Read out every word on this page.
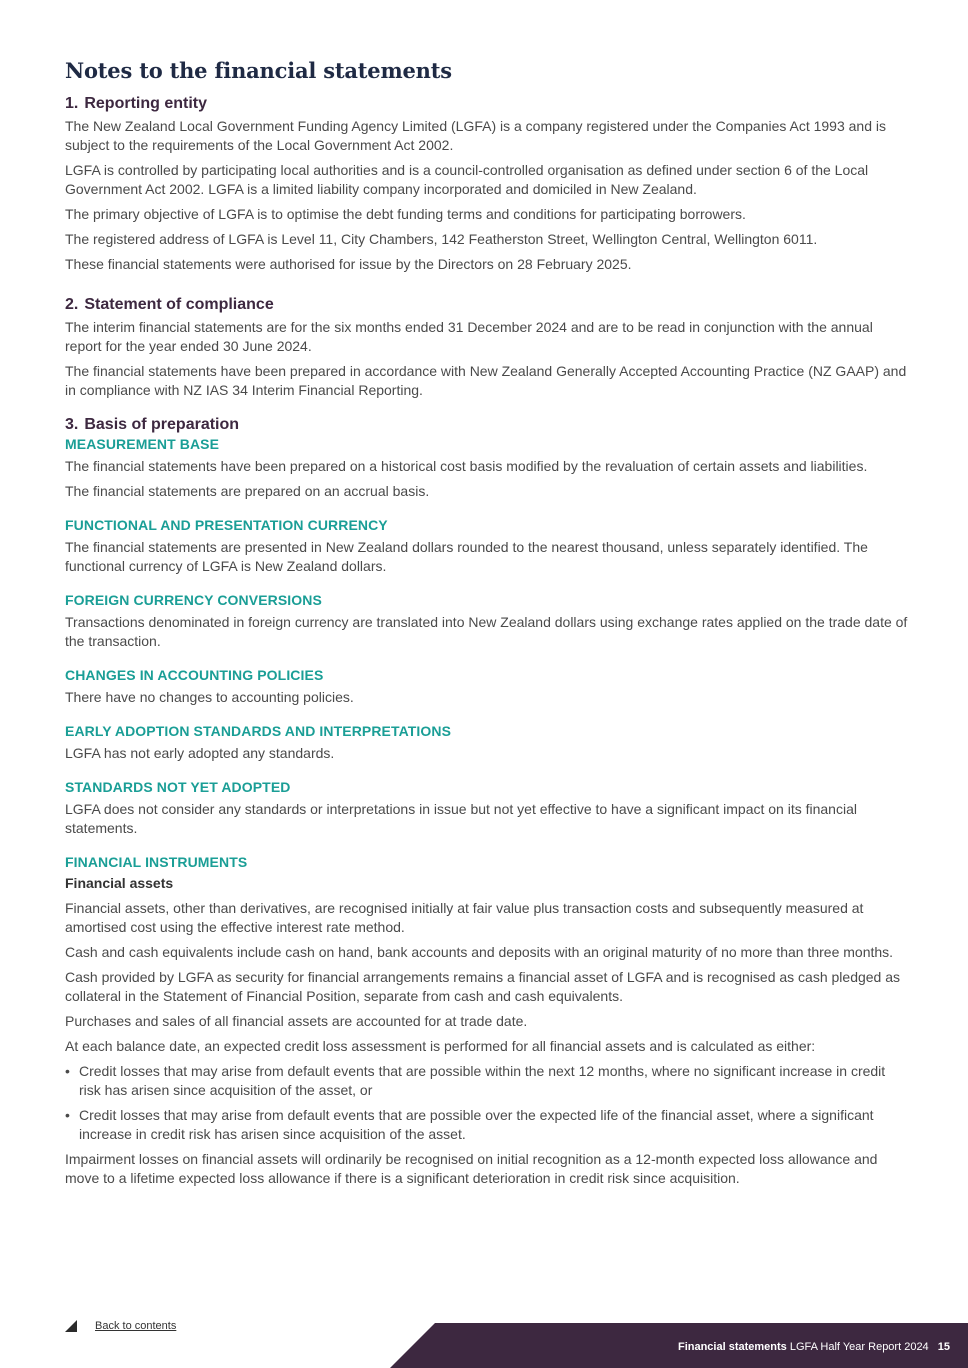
Notes to the financial statements
1. Reporting entity

The New Zealand Local Government Funding Agency Limited (LGFA) is a company registered under the Companies Act 1993 and is subject to the requirements of the Local Government Act 2002.

LGFA is controlled by participating local authorities and is a council-controlled organisation as defined under section 6 of the Local Government Act 2002. LGFA is a limited liability company incorporated and domiciled in New Zealand.

The primary objective of LGFA is to optimise the debt funding terms and conditions for participating borrowers.

The registered address of LGFA is Level 11, City Chambers, 142 Featherston Street, Wellington Central, Wellington 6011.

These financial statements were authorised for issue by the Directors on 28 February 2025.

2. Statement of compliance

The interim financial statements are for the six months ended 31 December 2024 and are to be read in conjunction with the annual report for the year ended 30 June 2024.

The financial statements have been prepared in accordance with New Zealand Generally Accepted Accounting Practice (NZ GAAP) and in compliance with NZ IAS 34 Interim Financial Reporting.

3. Basis of preparation
MEASUREMENT BASE

The financial statements have been prepared on a historical cost basis modified by the revaluation of certain assets and liabilities.

The financial statements are prepared on an accrual basis.

FUNCTIONAL AND PRESENTATION CURRENCY

The financial statements are presented in New Zealand dollars rounded to the nearest thousand, unless separately identified. The functional currency of LGFA is New Zealand dollars.

FOREIGN CURRENCY CONVERSIONS

Transactions denominated in foreign currency are translated into New Zealand dollars using exchange rates applied on the trade date of the transaction.

CHANGES IN ACCOUNTING POLICIES

There have no changes to accounting policies.

EARLY ADOPTION STANDARDS AND INTERPRETATIONS

LGFA has not early adopted any standards.

STANDARDS NOT YET ADOPTED

LGFA does not consider any standards or interpretations in issue but not yet effective to have a significant impact on its financial statements.

FINANCIAL INSTRUMENTS
Financial assets

Financial assets, other than derivatives, are recognised initially at fair value plus transaction costs and subsequently measured at amortised cost using the effective interest rate method.

Cash and cash equivalents include cash on hand, bank accounts and deposits with an original maturity of no more than three months.

Cash provided by LGFA as security for financial arrangements remains a financial asset of LGFA and is recognised as cash pledged as collateral in the Statement of Financial Position, separate from cash and cash equivalents.

Purchases and sales of all financial assets are accounted for at trade date.

At each balance date, an expected credit loss assessment is performed for all financial assets and is calculated as either:

• Credit losses that may arise from default events that are possible within the next 12 months, where no significant increase in credit risk has arisen since acquisition of the asset, or
• Credit losses that may arise from default events that are possible over the expected life of the financial asset, where a significant increase in credit risk has arisen since acquisition of the asset.

Impairment losses on financial assets will ordinarily be recognised on initial recognition as a 12-month expected loss allowance and move to a lifetime expected loss allowance if there is a significant deterioration in credit risk since acquisition.

Back to contents
Financial statements LGFA Half Year Report 2024 15
